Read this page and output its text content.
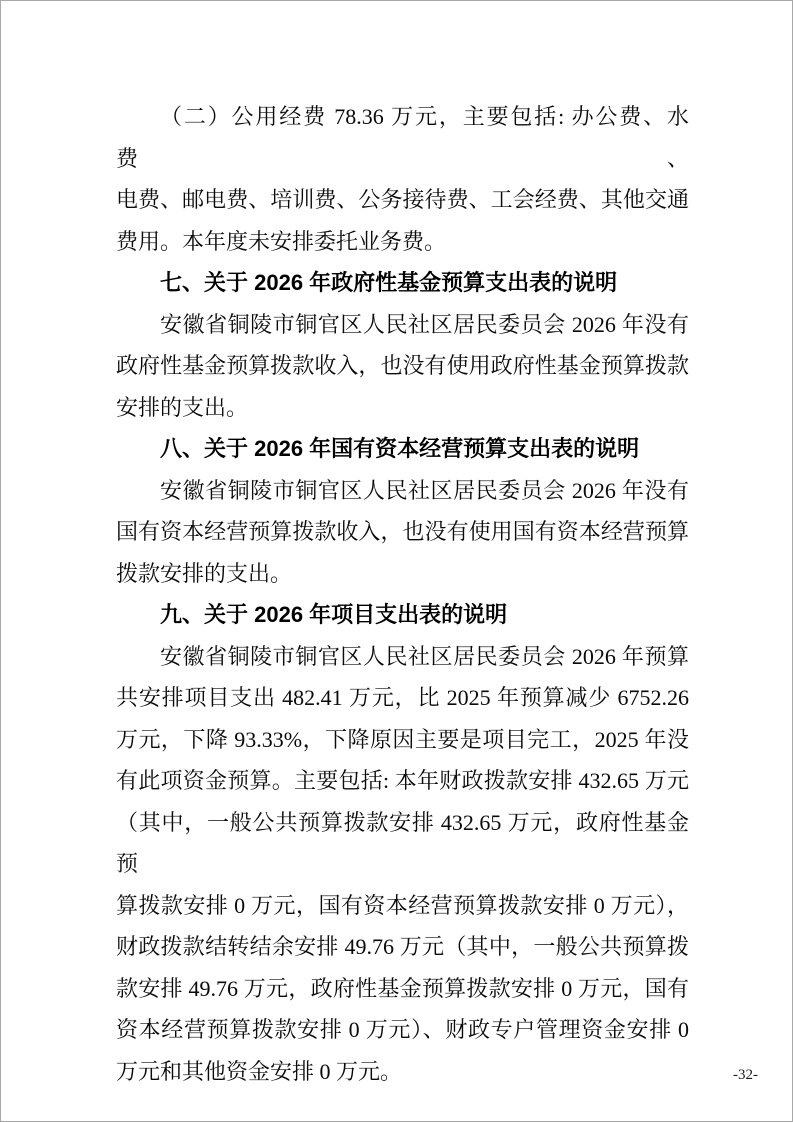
（二）公用经费 78.36 万元，主要包括: 办公费、水费、
电费、邮电费、培训费、公务接待费、工会经费、其他交通
费用。本年度未安排委托业务费。
七、关于 2026 年政府性基金预算支出表的说明
安徽省铜陵市铜官区人民社区居民委员会 2026 年没有
政府性基金预算拨款收入，也没有使用政府性基金预算拨款
安排的支出。
八、关于 2026 年国有资本经营预算支出表的说明
安徽省铜陵市铜官区人民社区居民委员会 2026 年没有
国有资本经营预算拨款收入，也没有使用国有资本经营预算
拨款安排的支出。
九、关于 2026 年项目支出表的说明
安徽省铜陵市铜官区人民社区居民委员会 2026 年预算
共安排项目支出 482.41 万元，比 2025 年预算减少 6752.26
万元，下降 93.33%，下降原因主要是项目完工，2025 年没
有此项资金预算。主要包括: 本年财政拨款安排 432.65 万元
（其中，一般公共预算拨款安排 432.65 万元，政府性基金预
算拨款安排 0 万元，国有资本经营预算拨款安排 0 万元），
财政拨款结转结余安排 49.76 万元（其中，一般公共预算拨
款安排 49.76 万元，政府性基金预算拨款安排 0 万元，国有
资本经营预算拨款安排 0 万元）、财政专户管理资金安排 0
万元和其他资金安排 0 万元。	-32-
